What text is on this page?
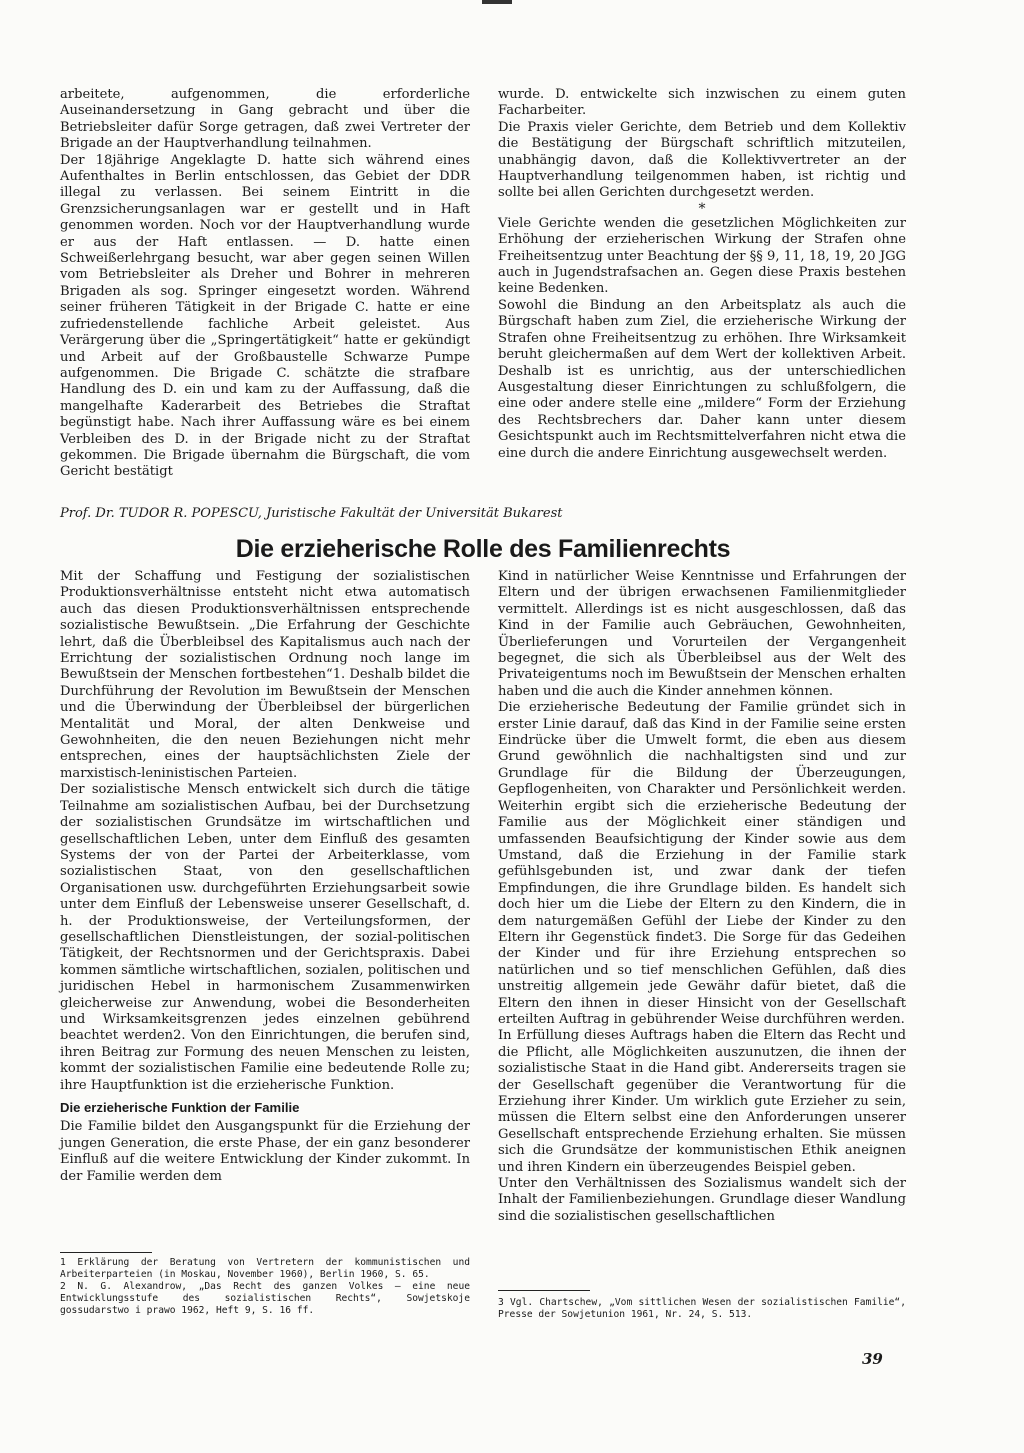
arbeitete, aufgenommen, die erforderliche Auseinandersetzung in Gang gebracht und über die Betriebsleiter dafür Sorge getragen, daß zwei Vertreter der Brigade an der Hauptverhandlung teilnahmen.

Der 18jährige Angeklagte D. hatte sich während eines Aufenthaltes in Berlin entschlossen, das Gebiet der DDR illegal zu verlassen. Bei seinem Eintritt in die Grenzsicherungsanlagen war er gestellt und in Haft genommen worden. Noch vor der Hauptverhandlung wurde er aus der Haft entlassen. — D. hatte einen Schweißerlehrgang besucht, war aber gegen seinen Willen vom Betriebsleiter als Dreher und Bohrer in mehreren Brigaden als sog. Springer eingesetzt worden. Während seiner früheren Tätigkeit in der Brigade C. hatte er eine zufriedenstellende fachliche Arbeit geleistet. Aus Verärgerung über die „Springertätigkeit“ hatte er gekündigt und Arbeit auf der Großbaustelle Schwarze Pumpe aufgenommen. Die Brigade C. schätzte die strafbare Handlung des D. ein und kam zu der Auffassung, daß die mangelhafte Kaderarbeit des Betriebes die Straftat begünstigt habe. Nach ihrer Auffassung wäre es bei einem Verbleiben des D. in der Brigade nicht zu der Straftat gekommen. Die Brigade übernahm die Bürgschaft, die vom Gericht bestätigt

wurde. D. entwickelte sich inzwischen zu einem guten Facharbeiter.

Die Praxis vieler Gerichte, dem Betrieb und dem Kollektiv die Bestätigung der Bürgschaft schriftlich mitzuteilen, unabhängig davon, daß die Kollektivvertreter an der Hauptverhandlung teilgenommen haben, ist richtig und sollte bei allen Gerichten durchgesetzt werden.

*

Viele Gerichte wenden die gesetzlichen Möglichkeiten zur Erhöhung der erzieherischen Wirkung der Strafen ohne Freiheitsentzug unter Beachtung der §§ 9, 11, 18, 19, 20 JGG auch in Jugendstrafsachen an. Gegen diese Praxis bestehen keine Bedenken.

Sowohl die Bindung an den Arbeitsplatz als auch die Bürgschaft haben zum Ziel, die erzieherische Wirkung der Strafen ohne Freiheitsentzug zu erhöhen. Ihre Wirksamkeit beruht gleichermaßen auf dem Wert der kollektiven Arbeit. Deshalb ist es unrichtig, aus der unterschiedlichen Ausgestaltung dieser Einrichtungen zu schlußfolgern, die eine oder andere stelle eine „mildere“ Form der Erziehung des Rechtsbrechers dar. Daher kann unter diesem Gesichtspunkt auch im Rechtsmittelverfahren nicht etwa die eine durch die andere Einrichtung ausgewechselt werden.

Prof. Dr. TUDOR R. POPESCU, Juristische Fakultät der Universität Bukarest
Die erzieherische Rolle des Familienrechts

Mit der Schaffung und Festigung der sozialistischen Produktionsverhältnisse entsteht nicht etwa automatisch auch das diesen Produktionsverhältnissen entsprechende sozialistische Bewußtsein. „Die Erfahrung der Geschichte lehrt, daß die Überbleibsel des Kapitalismus auch nach der Errichtung der sozialistischen Ordnung noch lange im Bewußtsein der Menschen fortbestehen“1. Deshalb bildet die Durchführung der Revolution im Bewußtsein der Menschen und die Überwindung der Überbleibsel der bürgerlichen Mentalität und Moral, der alten Denkweise und Gewohnheiten, die den neuen Beziehungen nicht mehr entsprechen, eines der hauptsächlichsten Ziele der marxistisch-leninistischen Parteien.

Der sozialistische Mensch entwickelt sich durch die tätige Teilnahme am sozialistischen Aufbau, bei der Durchsetzung der sozialistischen Grundsätze im wirtschaftlichen und gesellschaftlichen Leben, unter dem Einfluß des gesamten Systems der von der Partei der Arbeiterklasse, vom sozialistischen Staat, von den gesellschaftlichen Organisationen usw. durchgeführten Erziehungsarbeit sowie unter dem Einfluß der Lebensweise unserer Gesellschaft, d. h. der Produktionsweise, der Verteilungsformen, der gesellschaftlichen Dienstleistungen, der sozial-politischen Tätigkeit, der Rechtsnormen und der Gerichtspraxis. Dabei kommen sämtliche wirtschaftlichen, sozialen, politischen und juridischen Hebel in harmonischem Zusammenwirken gleicherweise zur Anwendung, wobei die Besonderheiten und Wirksamkeitsgrenzen jedes einzelnen gebührend beachtet werden2. Von den Einrichtungen, die berufen sind, ihren Beitrag zur Formung des neuen Menschen zu leisten, kommt der sozialistischen Familie eine bedeutende Rolle zu; ihre Hauptfunktion ist die erzieherische Funktion.

Die erzieherische Funktion der Familie

Die Familie bildet den Ausgangspunkt für die Erziehung der jungen Generation, die erste Phase, der ein ganz besonderer Einfluß auf die weitere Entwicklung der Kinder zukommt. In der Familie werden dem

Kind in natürlicher Weise Kenntnisse und Erfahrungen der Eltern und der übrigen erwachsenen Familienmitglieder vermittelt. Allerdings ist es nicht ausgeschlossen, daß das Kind in der Familie auch Gebräuchen, Gewohnheiten, Überlieferungen und Vorurteilen der Vergangenheit begegnet, die sich als Überbleibsel aus der Welt des Privateigentums noch im Bewußtsein der Menschen erhalten haben und die auch die Kinder annehmen können.

Die erzieherische Bedeutung der Familie gründet sich in erster Linie darauf, daß das Kind in der Familie seine ersten Eindrücke über die Umwelt formt, die eben aus diesem Grund gewöhnlich die nachhaltigsten sind und zur Grundlage für die Bildung der Überzeugungen, Gepflogenheiten, von Charakter und Persönlichkeit werden. Weiterhin ergibt sich die erzieherische Bedeutung der Familie aus der Möglichkeit einer ständigen und umfassenden Beaufsichtigung der Kinder sowie aus dem Umstand, daß die Erziehung in der Familie stark gefühlsgebunden ist, und zwar dank der tiefen Empfindungen, die ihre Grundlage bilden. Es handelt sich doch hier um die Liebe der Eltern zu den Kindern, die in dem naturgemäßen Gefühl der Liebe der Kinder zu den Eltern ihr Gegenstück findet3. Die Sorge für das Gedeihen der Kinder und für ihre Erziehung entsprechen so natürlichen und so tief menschlichen Gefühlen, daß dies unstreitig allgemein jede Gewähr dafür bietet, daß die Eltern den ihnen in dieser Hinsicht von der Gesellschaft erteilten Auftrag in gebührender Weise durchführen werden.

In Erfüllung dieses Auftrags haben die Eltern das Recht und die Pflicht, alle Möglichkeiten auszunutzen, die ihnen der sozialistische Staat in die Hand gibt. Andererseits tragen sie der Gesellschaft gegenüber die Verantwortung für die Erziehung ihrer Kinder. Um wirklich gute Erzieher zu sein, müssen die Eltern selbst eine den Anforderungen unserer Gesellschaft entsprechende Erziehung erhalten. Sie müssen sich die Grundsätze der kommunistischen Ethik aneignen und ihren Kindern ein überzeugendes Beispiel geben.

Unter den Verhältnissen des Sozialismus wandelt sich der Inhalt der Familienbeziehungen. Grundlage dieser Wandlung sind die sozialistischen gesellschaftlichen

1 Erklärung der Beratung von Vertretern der kommunistischen und Arbeiterparteien (in Moskau, November 1960), Berlin 1960, S. 65.

2 N. G. Alexandrow, „Das Recht des ganzen Volkes — eine neue Entwicklungsstufe des sozialistischen Rechts“, Sowjetskoje gossudarstwo i prawo 1962, Heft 9, S. 16 ff.

3 Vgl. Chartschew, „Vom sittlichen Wesen der sozialistischen Familie“, Presse der Sowjetunion 1961, Nr. 24, S. 513.

39
